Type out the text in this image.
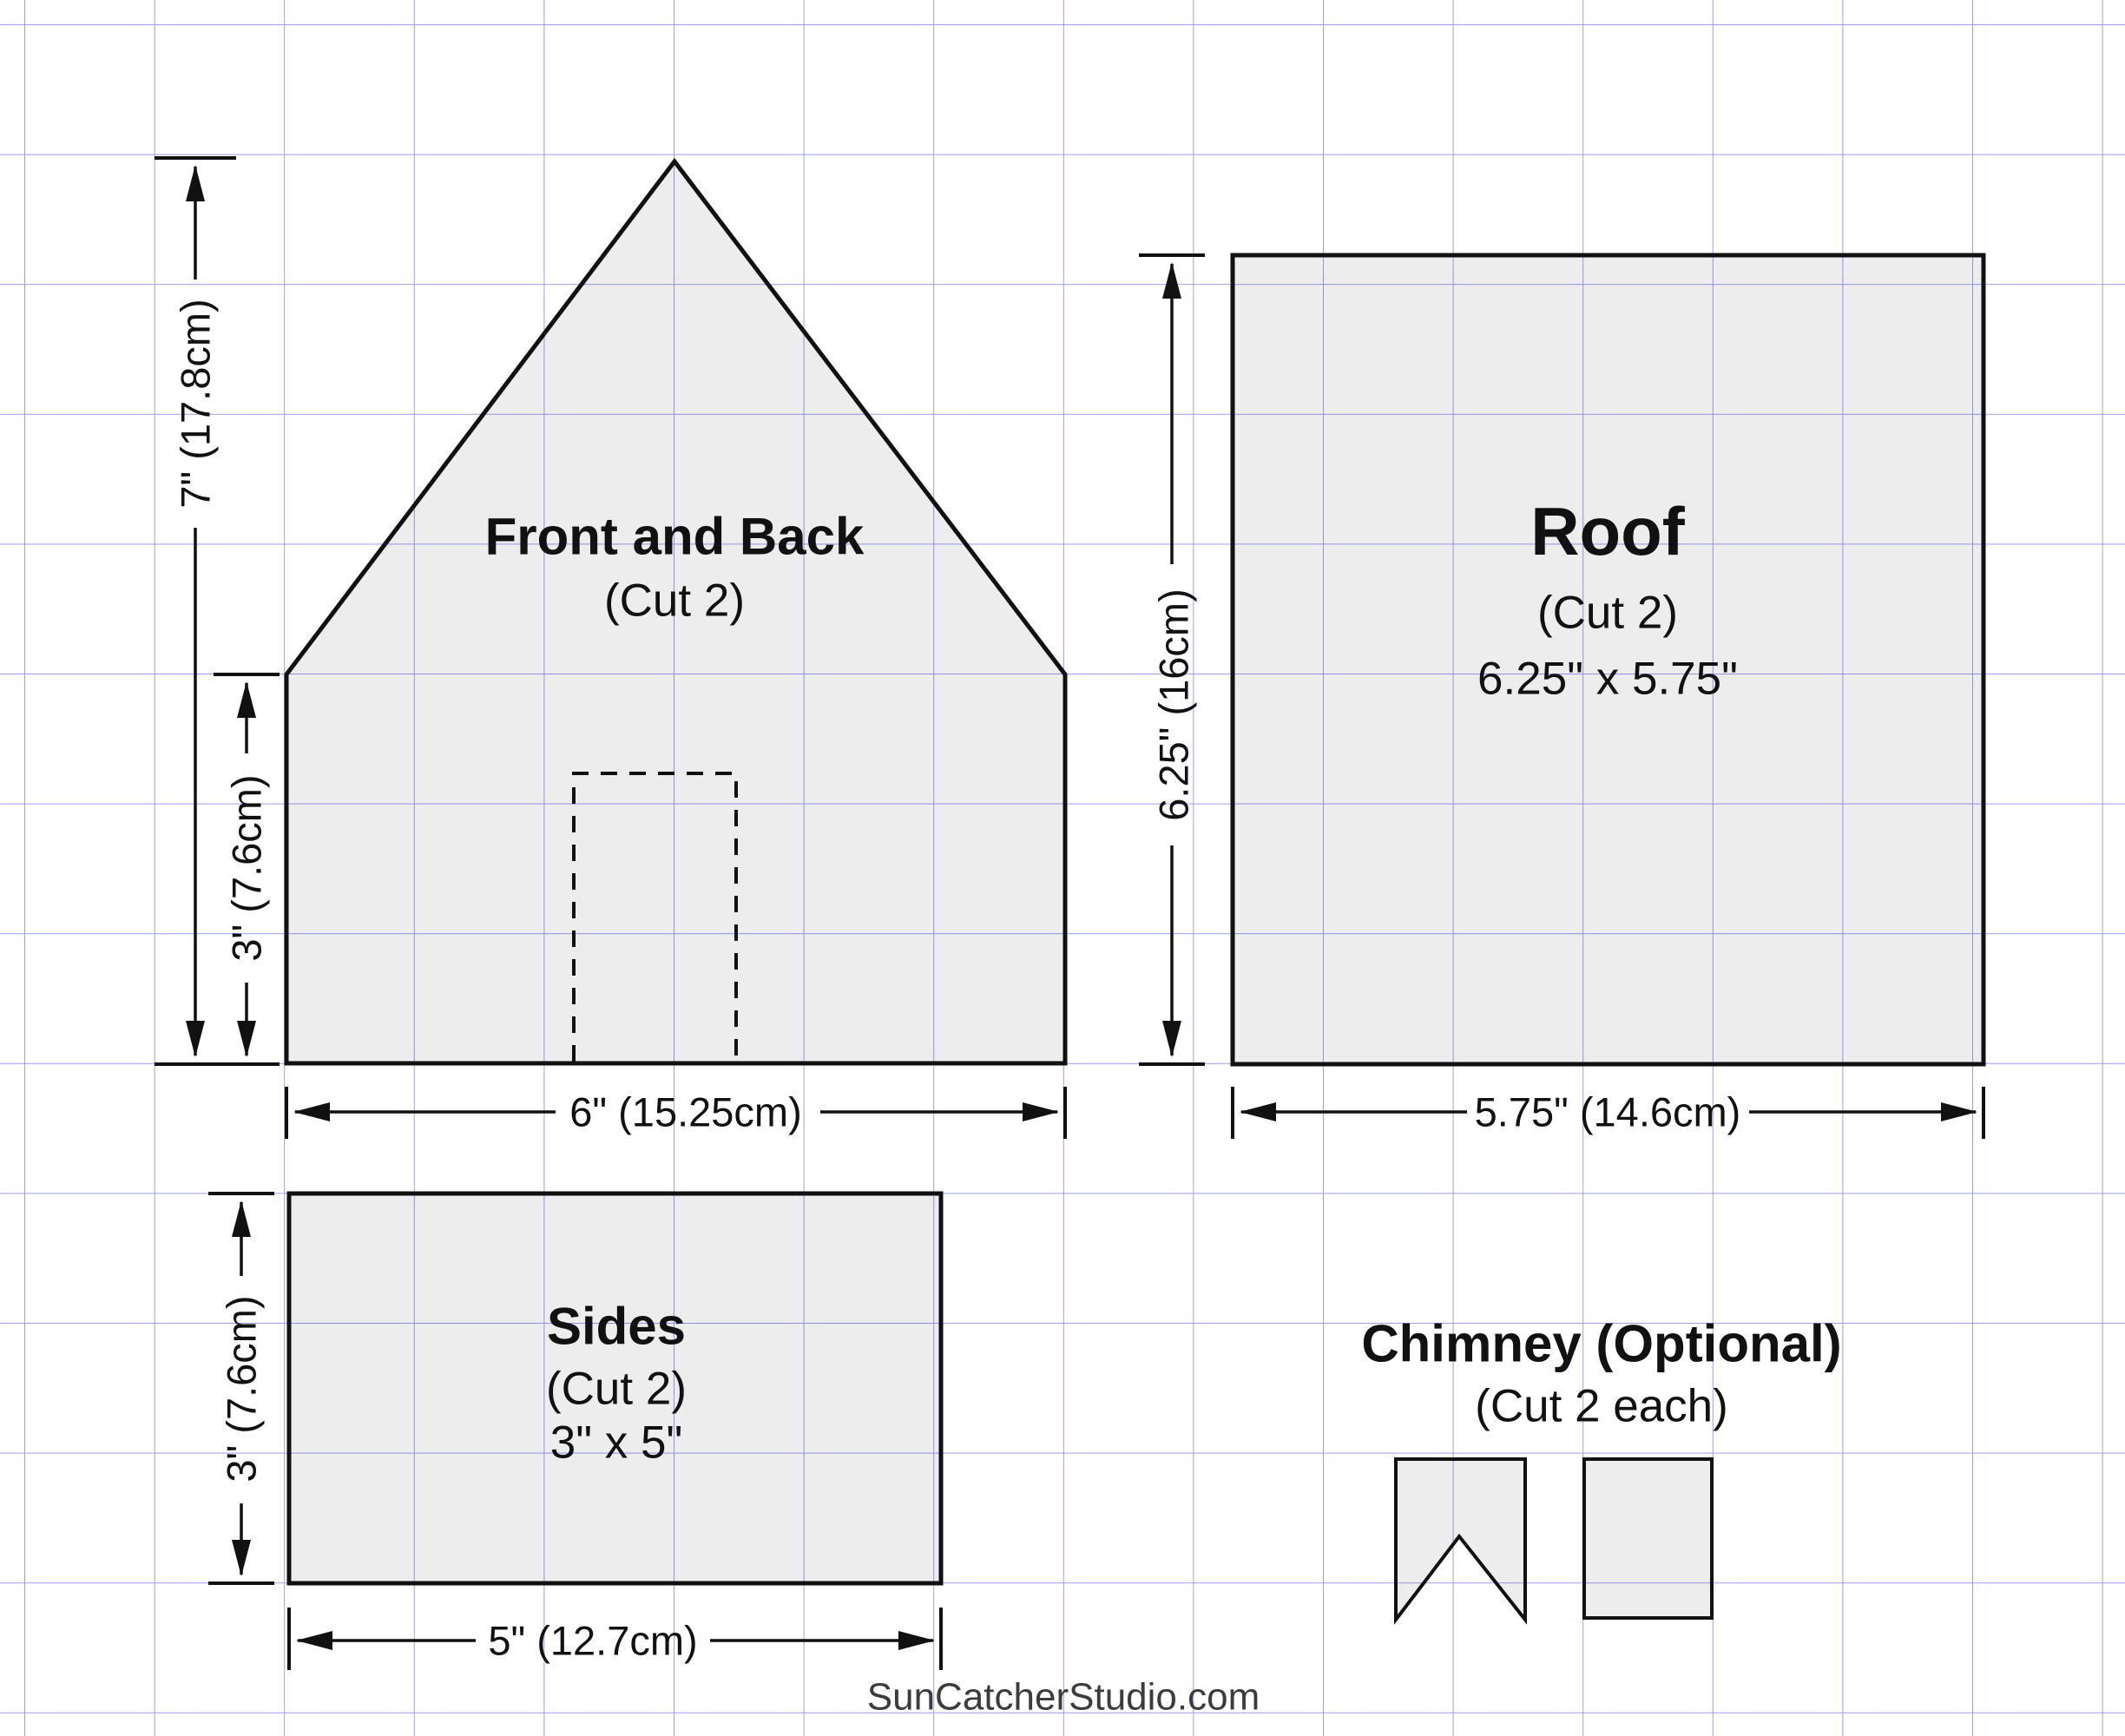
Front and Back
(Cut 2)
7" (17.8cm)
3" (7.6cm)
6" (15.25cm)
Roof
(Cut 2)
6.25" x 5.75"
6.25" (16cm)
5.75" (14.6cm)
Sides
(Cut 2)
3" x 5"
3" (7.6cm)
5" (12.7cm)
Chimney (Optional)
(Cut 2 each)
SunCatcherStudio.com
